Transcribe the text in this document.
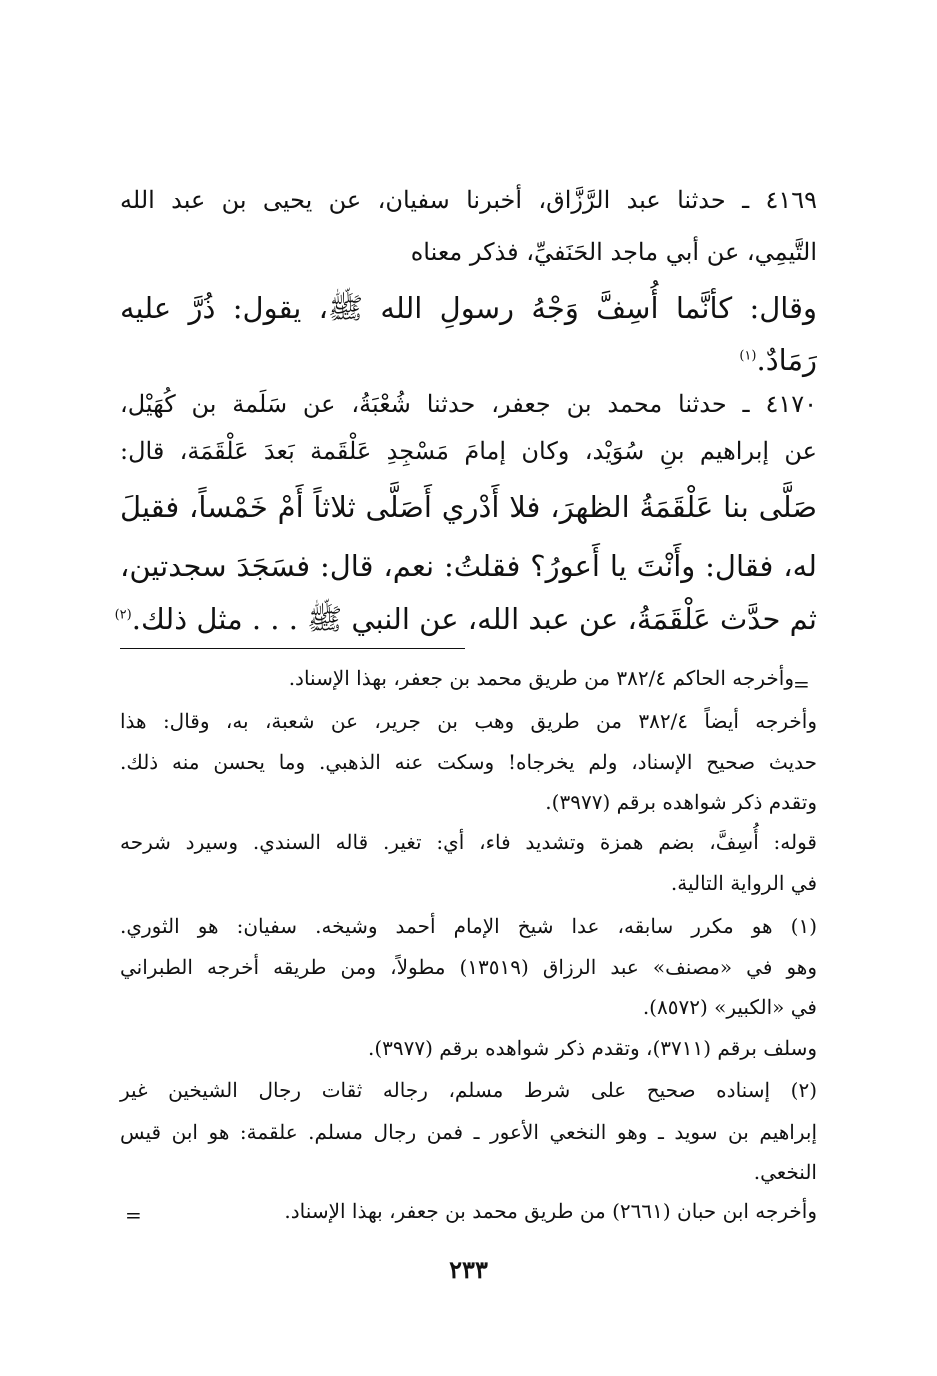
٤١٦٩ ـ حدثنا عبد الرَّزَّاق، أخبرنا سفيان، عن يحيى بن عبد الله
التَّيمِي، عن أبي ماجد الحَنَفيِّ، فذكر معناه
وقال: كأنَّما أُسِفَّ وَجْهُ رسولِ الله ﷺ، يقول: ذُرَّ عليه
رَمَادٌ.$^{(١)}$
٤١٧٠ ـ حدثنا محمد بن جعفر، حدثنا شُعْبَةُ، عن سَلَمة بن كُهَيْل،
عن إبراهيم بنِ سُوَيْد، وكان إمامَ مَسْجِدِ عَلْقَمة بَعدَ عَلْقَمَة، قال:
صَلَّى بنا عَلْقَمَةُ الظهرَ، فلا أَدْري أَصَلَّى ثلاثاً أَمْ خَمْساً، فقيلَ
له، فقال: وأَنْتَ يا أَعورُ؟ فقلتُ: نعم، قال: فسَجَدَ سجدتين،
ثم حدَّث عَلْقَمَةُ، عن عبد الله، عن النبي ﷺ . . . مثل ذلك.$^{(٢)}$
=
وأخرجه الحاكم ٣٨٢/٤ من طريق محمد بن جعفر، بهذا الإسناد.
وأخرجه أيضاً ٣٨٢/٤ من طريق وهب بن جرير، عن شعبة، به، وقال: هذا
حديث صحيح الإسناد، ولم يخرجاه! وسكت عنه الذهبي. وما يحسن منه ذلك.
وتقدم ذكر شواهده برقم (٣٩٧٧).
قوله: أُسِفَّ، بضم همزة وتشديد فاء، أي: تغير. قاله السندي. وسيرد شرحه
في الرواية التالية.
(١) هو مكرر سابقه، عدا شيخ الإمام أحمد وشيخه. سفيان: هو الثوري.
وهو في «مصنف» عبد الرزاق (١٣٥١٩) مطولاً، ومن طريقه أخرجه الطبراني
في «الكبير» (٨٥٧٢).
وسلف برقم (٣٧١١)، وتقدم ذكر شواهده برقم (٣٩٧٧).
(٢) إسناده صحيح على شرط مسلم، رجاله ثقات رجال الشيخين غير
إبراهيم بن سويد ـ وهو النخعي الأعور ـ فمن رجال مسلم. علقمة: هو ابن قيس
النخعي.
وأخرجه ابن حبان (٢٦٦١) من طريق محمد بن جعفر، بهذا الإسناد.
=
٢٣٣
